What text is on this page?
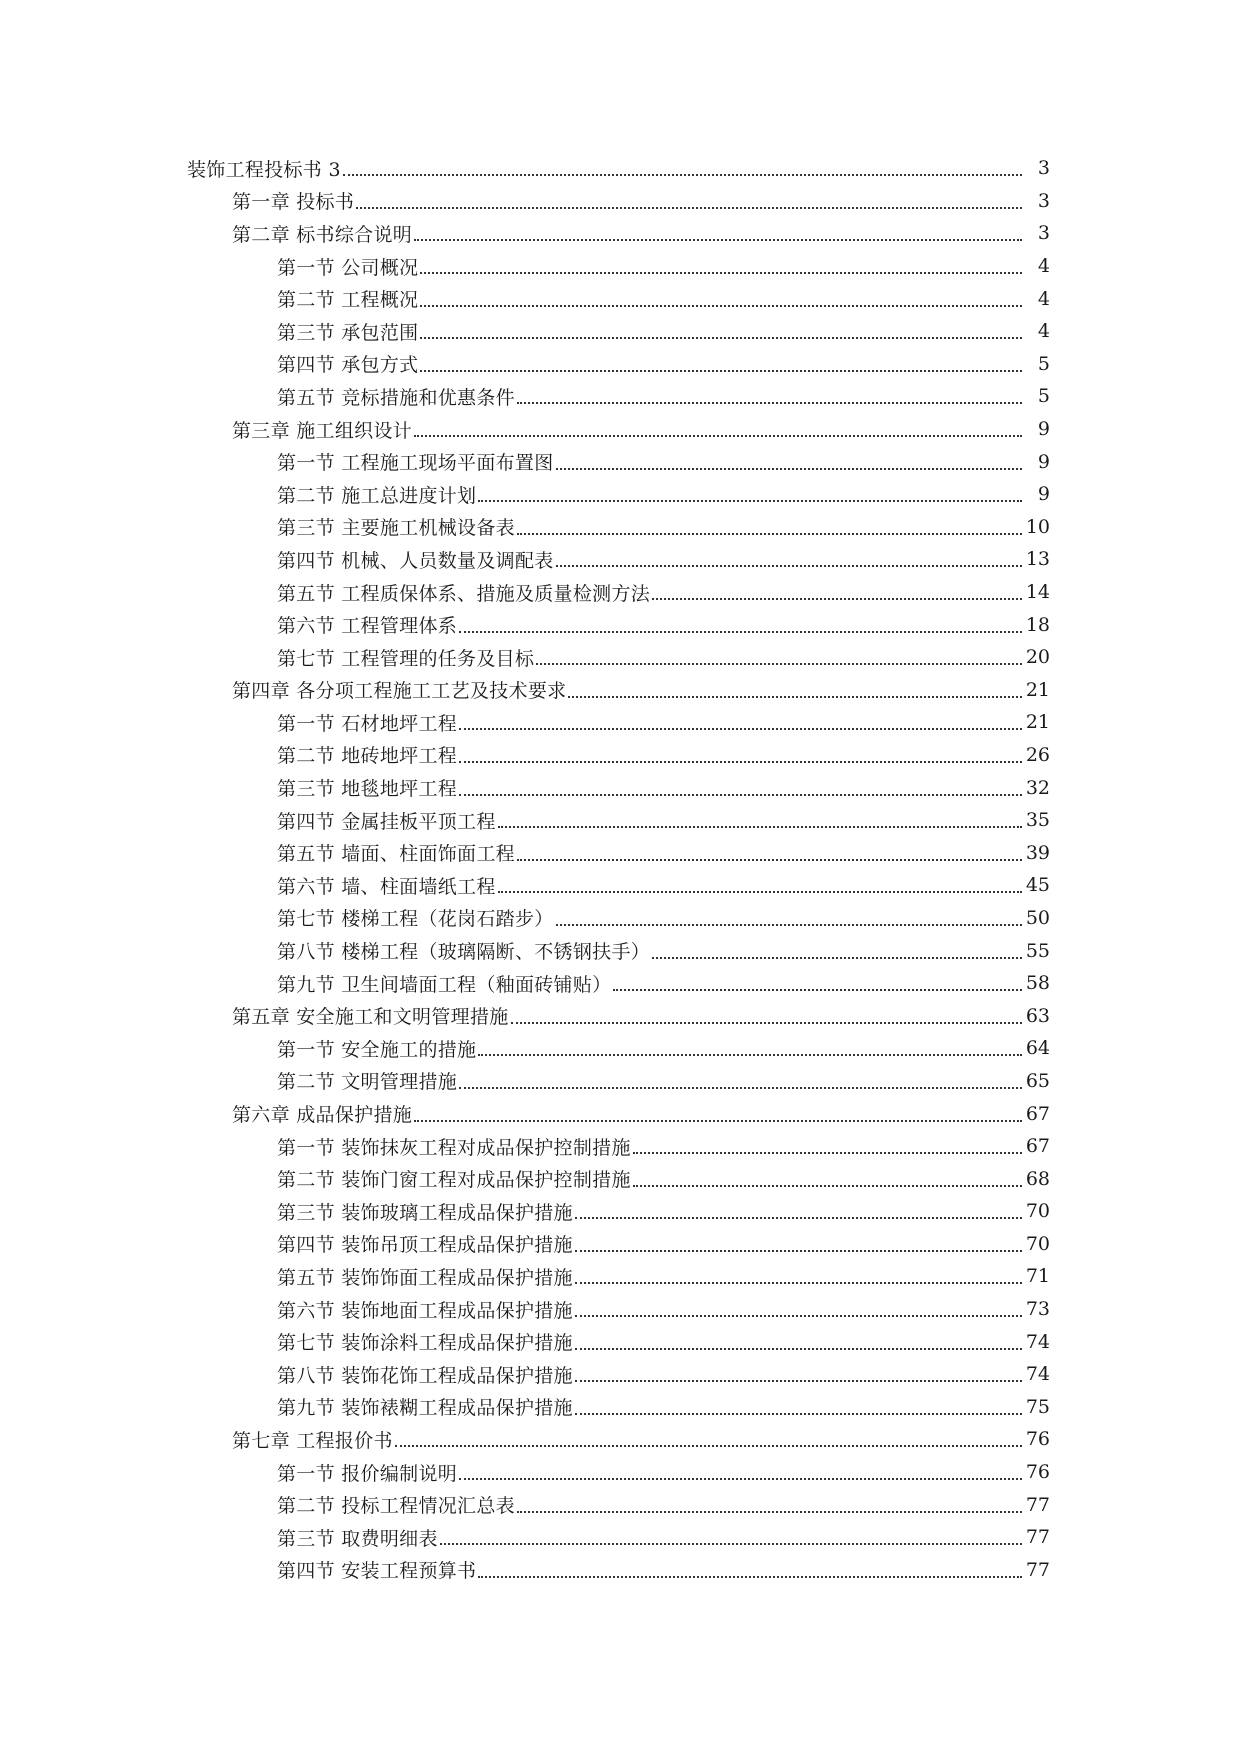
装饰工程投标书 3	3
第一章 投标书	3
第二章 标书综合说明	3
第一节 公司概况	4
第二节 工程概况	4
第三节 承包范围	4
第四节 承包方式	5
第五节 竞标措施和优惠条件	5
第三章 施工组织设计	9
第一节 工程施工现场平面布置图	9
第二节 施工总进度计划	9
第三节 主要施工机械设备表	10
第四节 机械、人员数量及调配表	13
第五节 工程质保体系、措施及质量检测方法	14
第六节 工程管理体系	18
第七节 工程管理的任务及目标	20
第四章 各分项工程施工工艺及技术要求	21
第一节 石材地坪工程	21
第二节 地砖地坪工程	26
第三节 地毯地坪工程	32
第四节 金属挂板平顶工程	35
第五节 墙面、柱面饰面工程	39
第六节 墙、柱面墙纸工程	45
第七节 楼梯工程（花岗石踏步）	50
第八节 楼梯工程（玻璃隔断、不锈钢扶手）	55
第九节 卫生间墙面工程（釉面砖铺贴）	58
第五章 安全施工和文明管理措施	63
第一节 安全施工的措施	64
第二节 文明管理措施	65
第六章 成品保护措施	67
第一节 装饰抹灰工程对成品保护控制措施	67
第二节 装饰门窗工程对成品保护控制措施	68
第三节 装饰玻璃工程成品保护措施	70
第四节 装饰吊顶工程成品保护措施	70
第五节 装饰饰面工程成品保护措施	71
第六节 装饰地面工程成品保护措施	73
第七节 装饰涂料工程成品保护措施	74
第八节 装饰花饰工程成品保护措施	74
第九节 装饰裱糊工程成品保护措施	75
第七章 工程报价书	76
第一节 报价编制说明	76
第二节 投标工程情况汇总表	77
第三节 取费明细表	77
第四节 安装工程预算书	77
